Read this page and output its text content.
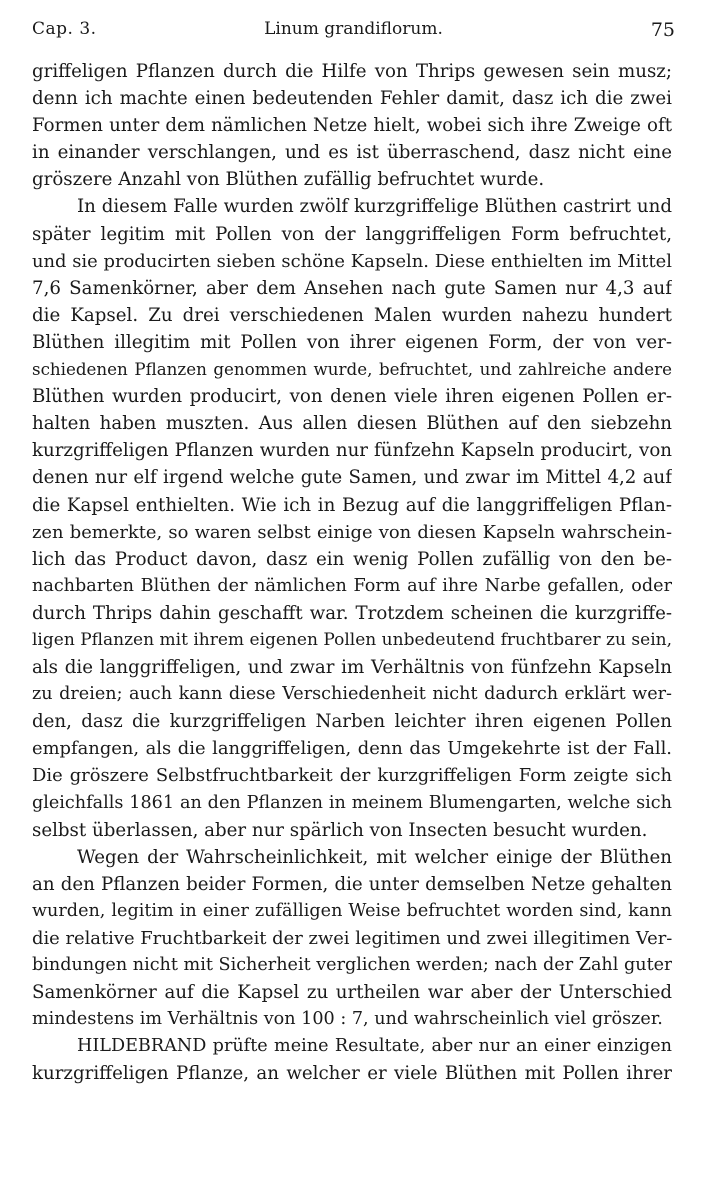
Cap. 3.	Linum grandiflorum.	75
griffeligen Pflanzen durch die Hilfe von Thrips gewesen sein musz;
denn ich machte einen bedeutenden Fehler damit, dasz ich die zwei
Formen unter dem nämlichen Netze hielt, wobei sich ihre Zweige oft
in einander verschlangen, und es ist überraschend, dasz nicht eine
gröszere Anzahl von Blüthen zufällig befruchtet wurde.
In diesem Falle wurden zwölf kurzgriffelige Blüthen castrirt und
später legitim mit Pollen von der langgriffeligen Form befruchtet,
und sie producirten sieben schöne Kapseln. Diese enthielten im Mittel
7,6 Samenkörner, aber dem Ansehen nach gute Samen nur 4,3 auf
die Kapsel. Zu drei verschiedenen Malen wurden nahezu hundert
Blüthen illegitim mit Pollen von ihrer eigenen Form, der von ver-
schiedenen Pflanzen genommen wurde, befruchtet, und zahlreiche andere
Blüthen wurden producirt, von denen viele ihren eigenen Pollen er-
halten haben muszten. Aus allen diesen Blüthen auf den siebzehn
kurzgriffeligen Pflanzen wurden nur fünfzehn Kapseln producirt, von
denen nur elf irgend welche gute Samen, und zwar im Mittel 4,2 auf
die Kapsel enthielten. Wie ich in Bezug auf die langgriffeligen Pflan-
zen bemerkte, so waren selbst einige von diesen Kapseln wahrschein-
lich das Product davon, dasz ein wenig Pollen zufällig von den be-
nachbarten Blüthen der nämlichen Form auf ihre Narbe gefallen, oder
durch Thrips dahin geschafft war. Trotzdem scheinen die kurzgriffe-
ligen Pflanzen mit ihrem eigenen Pollen unbedeutend fruchtbarer zu sein,
als die langgriffeligen, und zwar im Verhältnis von fünfzehn Kapseln
zu dreien; auch kann diese Verschiedenheit nicht dadurch erklärt wer-
den, dasz die kurzgriffeligen Narben leichter ihren eigenen Pollen
empfangen, als die langgriffeligen, denn das Umgekehrte ist der Fall.
Die gröszere Selbstfruchtbarkeit der kurzgriffeligen Form zeigte sich
gleichfalls 1861 an den Pflanzen in meinem Blumengarten, welche sich
selbst überlassen, aber nur spärlich von Insecten besucht wurden.
Wegen der Wahrscheinlichkeit, mit welcher einige der Blüthen
an den Pflanzen beider Formen, die unter demselben Netze gehalten
wurden, legitim in einer zufälligen Weise befruchtet worden sind, kann
die relative Fruchtbarkeit der zwei legitimen und zwei illegitimen Ver-
bindungen nicht mit Sicherheit verglichen werden; nach der Zahl guter
Samenkörner auf die Kapsel zu urtheilen war aber der Unterschied
mindestens im Verhältnis von 100 : 7, und wahrscheinlich viel gröszer.
HILDEBRAND prüfte meine Resultate, aber nur an einer einzigen
kurzgriffeligen Pflanze, an welcher er viele Blüthen mit Pollen ihrer
